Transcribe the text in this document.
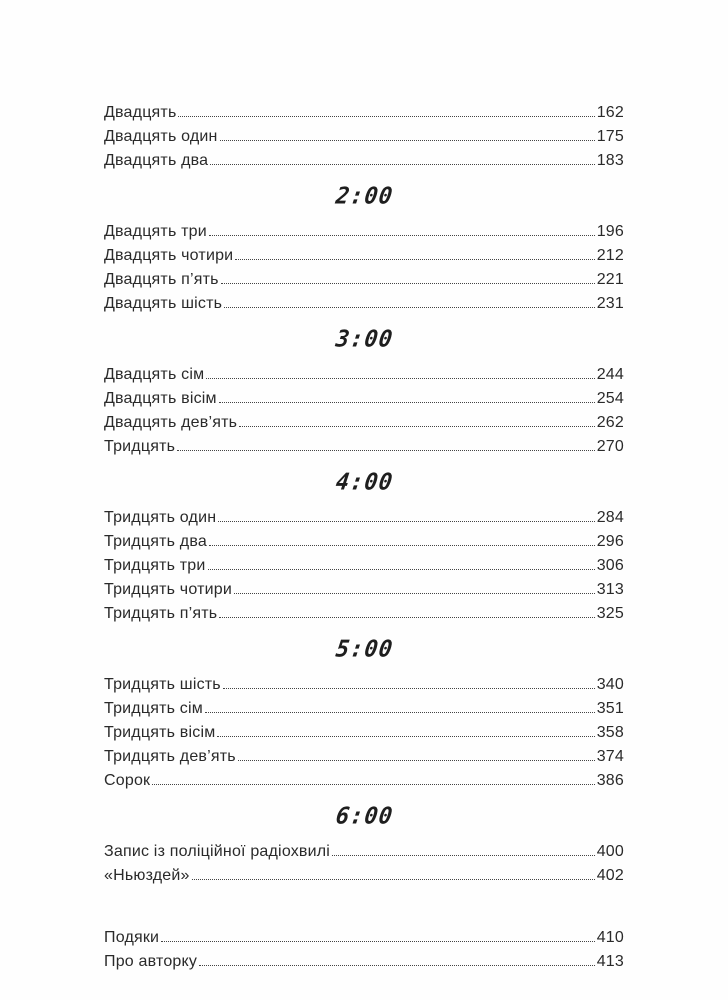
Двадцять	162
Двадцять один	175
Двадцять два	183
2:00
Двадцять три	196
Двадцять чотири	212
Двадцять п’ять	221
Двадцять шість	231
3:00
Двадцять сім	244
Двадцять вісім	254
Двадцять дев’ять	262
Тридцять	270
4:00
Тридцять один	284
Тридцять два	296
Тридцять три	306
Тридцять чотири	313
Тридцять п’ять	325
5:00
Тридцять шість	340
Тридцять сім	351
Тридцять вісім	358
Тридцять дев’ять	374
Сорок	386
6:00
Запис із поліційної радіохвилі	400
«Ньюздей»	402
Подяки	410
Про авторку	413
